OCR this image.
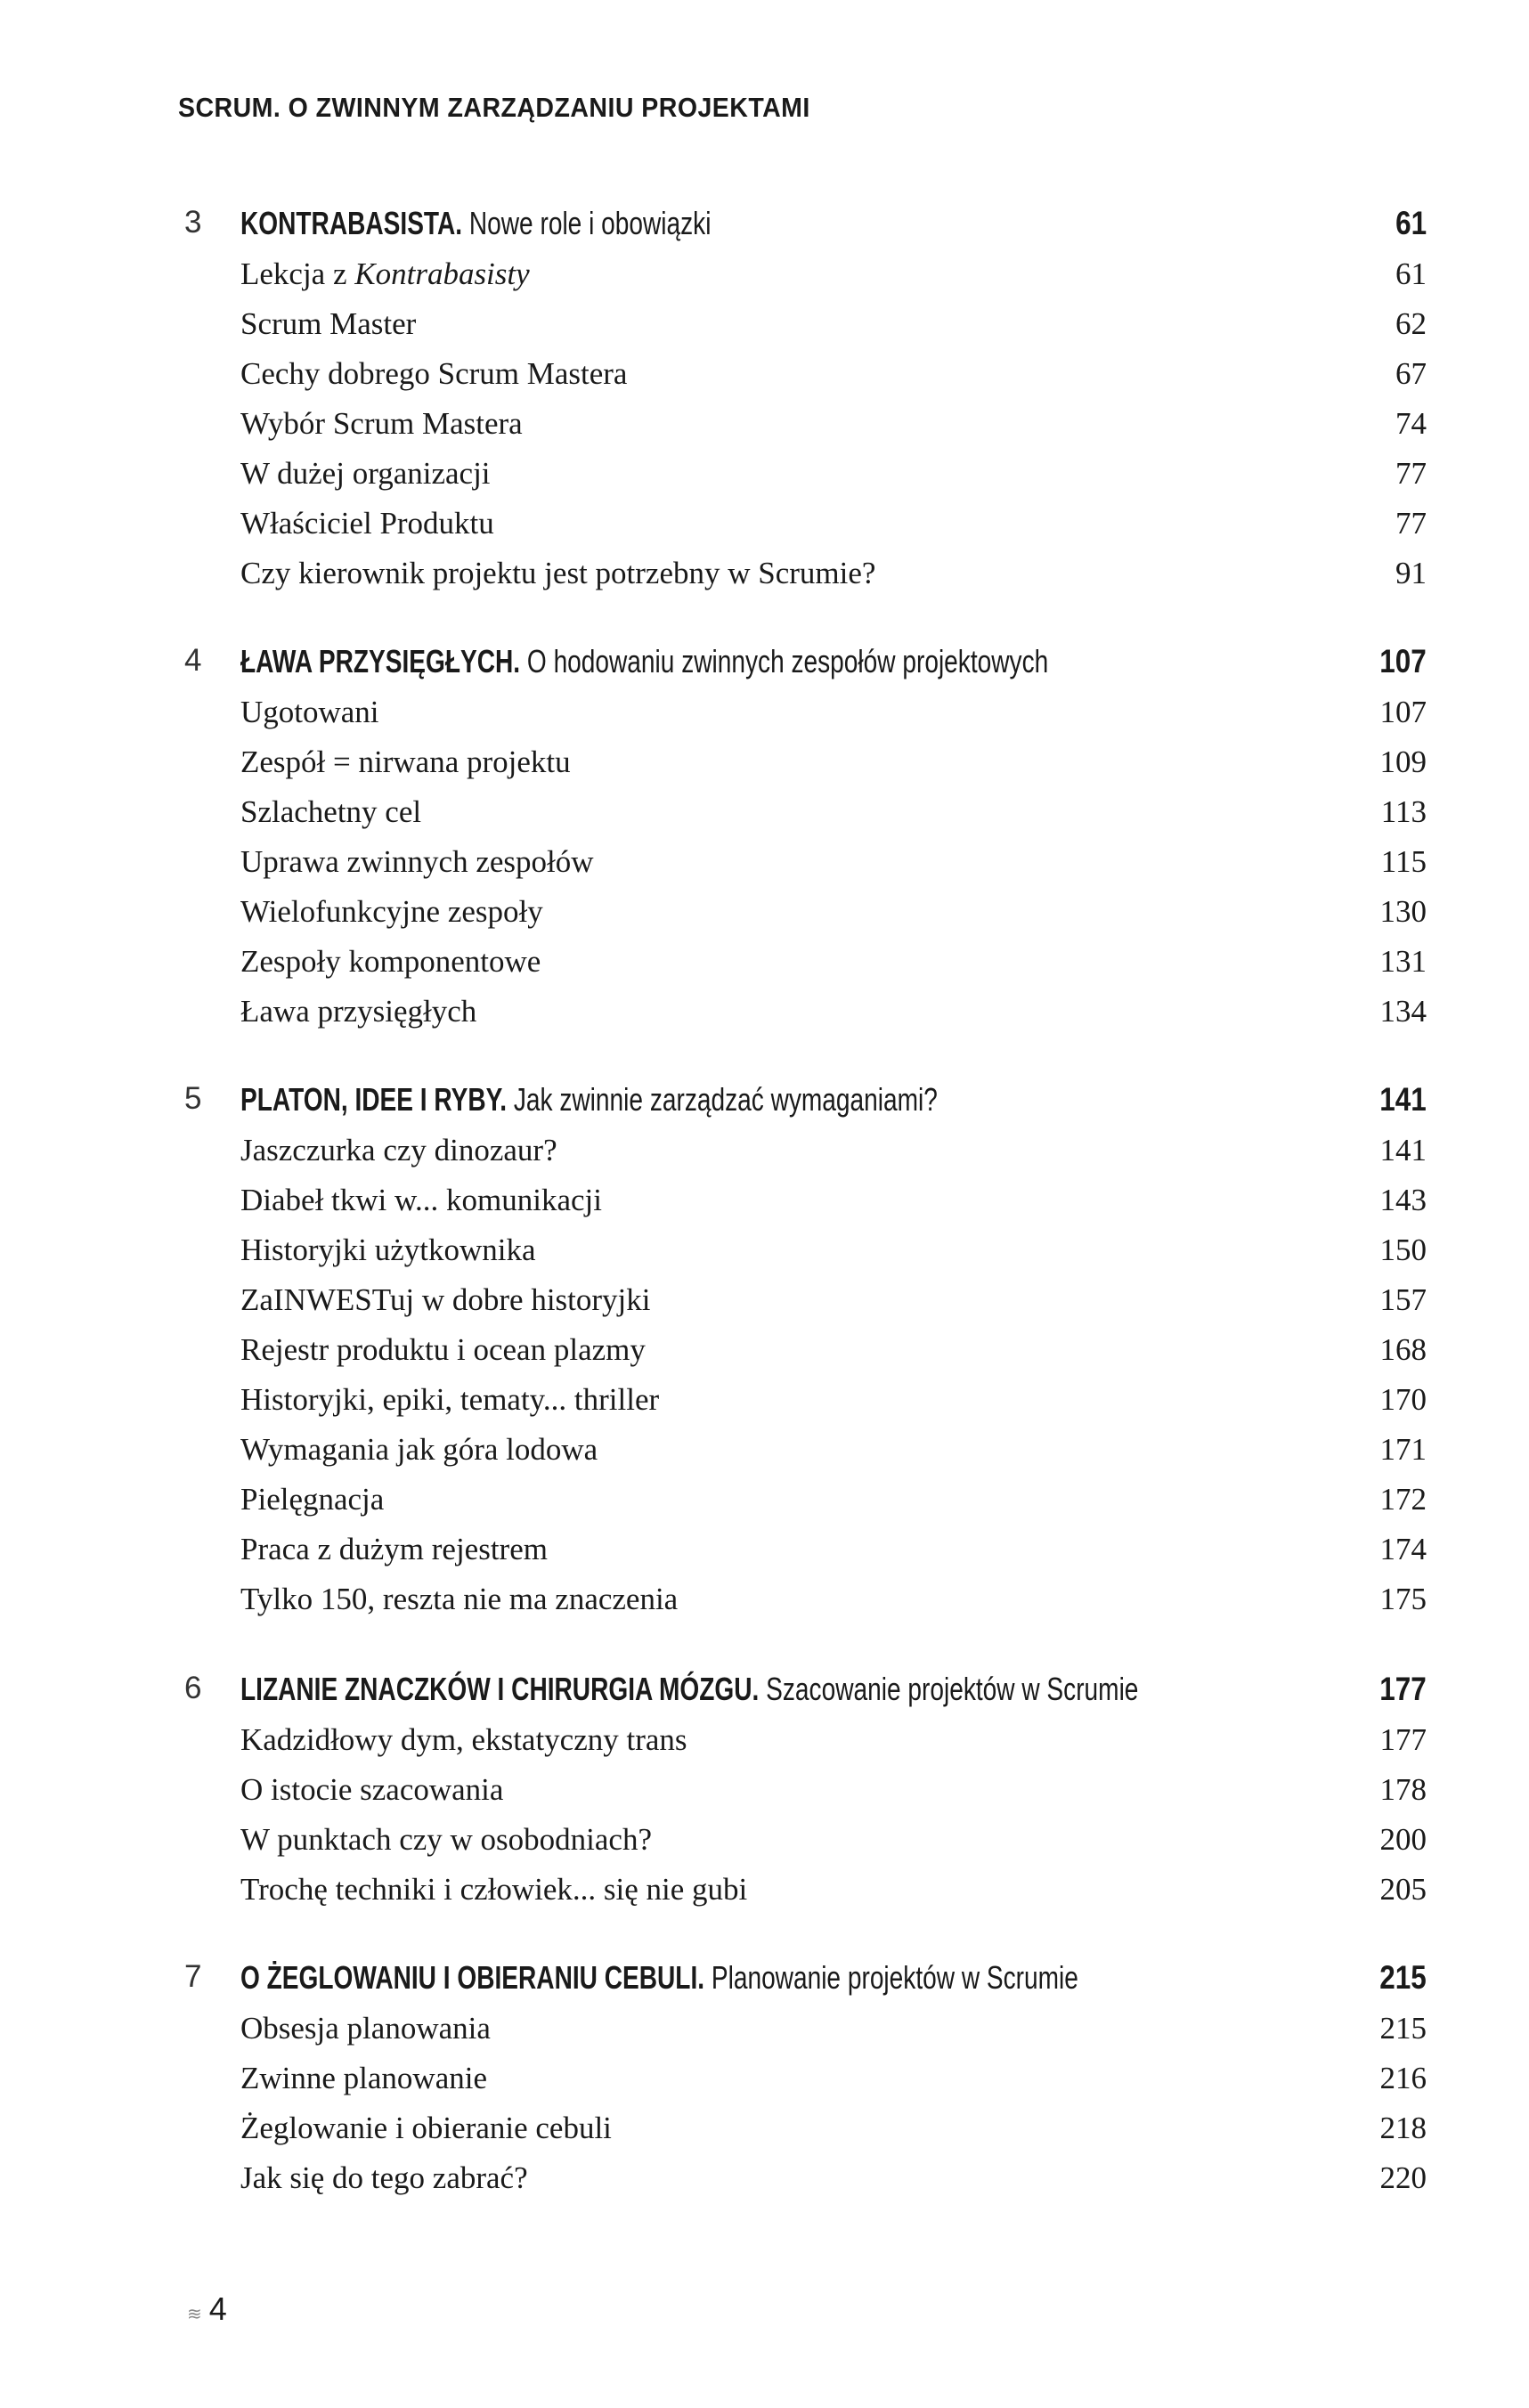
SCRUM. O ZWINNYM ZARZĄDZANIU PROJEKTAMI
3 KONTRABASISTA. Nowe role i obowiązki	61
Lekcja z Kontrabasisty	61
Scrum Master	62
Cechy dobrego Scrum Mastera	67
Wybór Scrum Mastera	74
W dużej organizacji	77
Właściciel Produktu	77
Czy kierownik projektu jest potrzebny w Scrumie?	91
4 ŁAWA PRZYSIĘGŁYCH. O hodowaniu zwinnych zespołów projektowych	107
Ugotowani	107
Zespół = nirwana projektu	109
Szlachetny cel	113
Uprawa zwinnych zespołów	115
Wielofunkcyjne zespoły	130
Zespoły komponentowe	131
Ława przysięgłych	134
5 PLATON, IDEE I RYBY. Jak zwinnie zarządzać wymaganiami?	141
Jaszczurka czy dinozaur?	141
Diabeł tkwi w... komunikacji	143
Historyjki użytkownika	150
ZaINWESTuj w dobre historyjki	157
Rejestr produktu i ocean plazmy	168
Historyjki, epiki, tematy... thriller	170
Wymagania jak góra lodowa	171
Pielęgnacja	172
Praca z dużym rejestrem	174
Tylko 150, reszta nie ma znaczenia	175
6 LIZANIE ZNACZKÓW I CHIRURGIA MÓZGU. Szacowanie projektów w Scrumie	177
Kadzidłowy dym, ekstatyczny trans	177
O istocie szacowania	178
W punktach czy w osobodniach?	200
Trochę techniki i człowiek... się nie gubi	205
7 O ŻEGLOWANIU I OBIERANIU CEBULI. Planowanie projektów w Scrumie	215
Obsesja planowania	215
Zwinne planowanie	216
Żeglowanie i obieranie cebuli	218
Jak się do tego zabrać?	220
≋ 4
